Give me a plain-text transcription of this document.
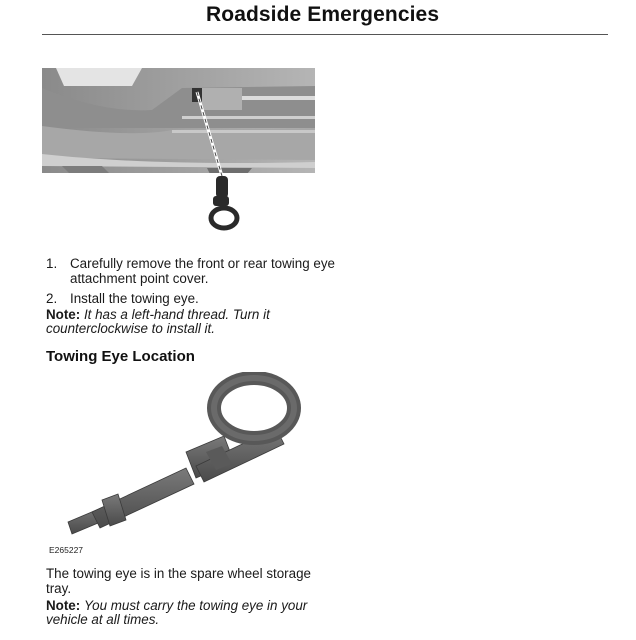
Roadside Emergencies
1. Carefully remove the front or rear towing eye attachment point cover.
2. Install the towing eye.
Note: It has a left-hand thread. Turn it counterclockwise to install it.
Towing Eye Location
E265227
The towing eye is in the spare wheel storage tray.
Note: You must carry the towing eye in your vehicle at all times.
